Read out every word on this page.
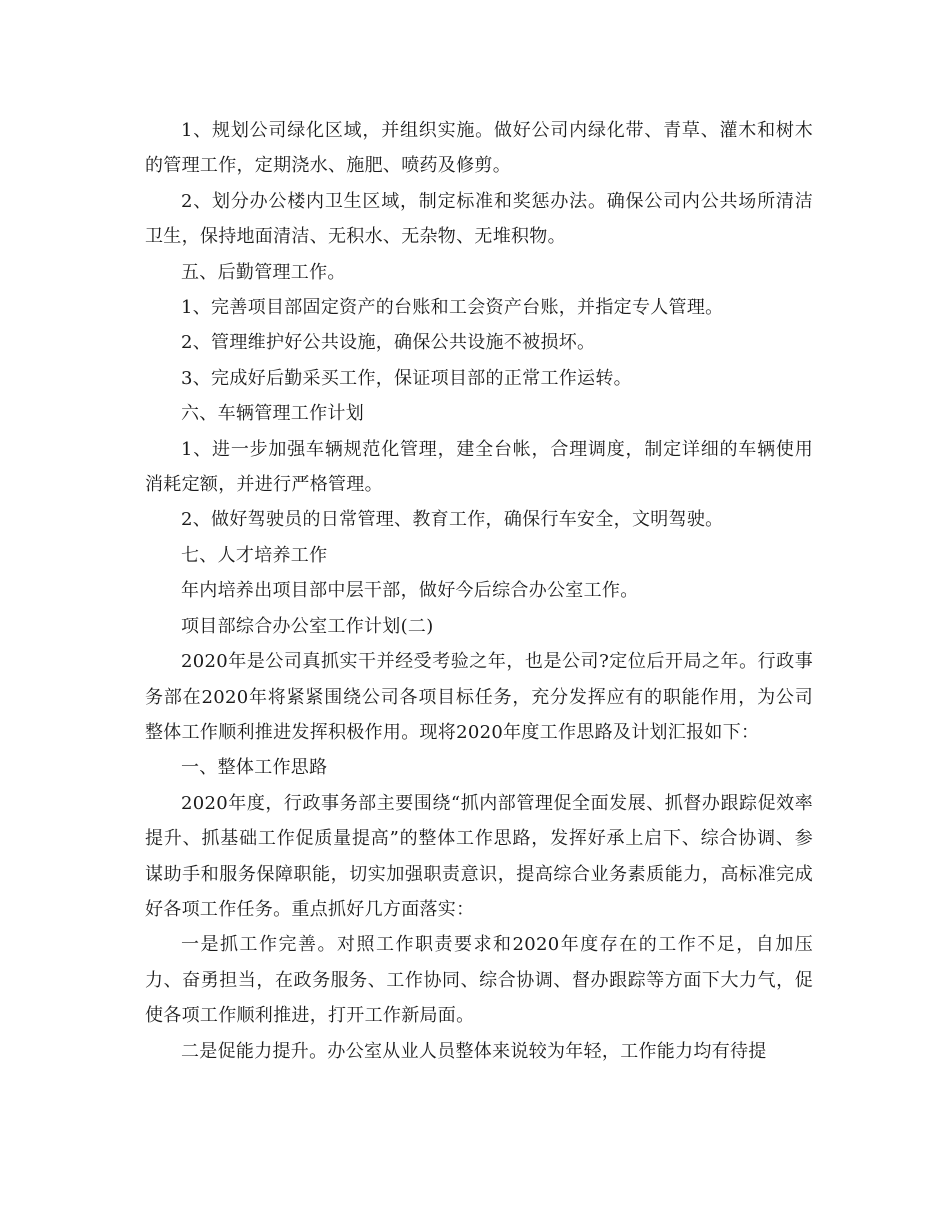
1、规划公司绿化区域，并组织实施。做好公司内绿化带、青草、灌木和树木的管理工作，定期浇水、施肥、喷药及修剪。

2、划分办公楼内卫生区域，制定标准和奖惩办法。确保公司内公共场所清洁卫生，保持地面清洁、无积水、无杂物、无堆积物。

五、后勤管理工作。

1、完善项目部固定资产的台账和工会资产台账，并指定专人管理。

2、管理维护好公共设施，确保公共设施不被损坏。

3、完成好后勤采买工作，保证项目部的正常工作运转。

六、车辆管理工作计划

1、进一步加强车辆规范化管理，建全台帐，合理调度，制定详细的车辆使用消耗定额，并进行严格管理。

2、做好驾驶员的日常管理、教育工作，确保行车安全，文明驾驶。

七、人才培养工作

年内培养出项目部中层干部，做好今后综合办公室工作。

项目部综合办公室工作计划(二)

2020年是公司真抓实干并经受考验之年，也是公司?定位后开局之年。行政事务部在2020年将紧紧围绕公司各项目标任务，充分发挥应有的职能作用，为公司整体工作顺利推进发挥积极作用。现将2020年度工作思路及计划汇报如下：

一、整体工作思路

2020年度，行政事务部主要围绕“抓内部管理促全面发展、抓督办跟踪促效率提升、抓基础工作促质量提高”的整体工作思路，发挥好承上启下、综合协调、参谋助手和服务保障职能，切实加强职责意识，提高综合业务素质能力，高标准完成好各项工作任务。重点抓好几方面落实：

一是抓工作完善。对照工作职责要求和2020年度存在的工作不足，自加压力、奋勇担当，在政务服务、工作协同、综合协调、督办跟踪等方面下大力气，促使各项工作顺利推进，打开工作新局面。

二是促能力提升。办公室从业人员整体来说较为年轻，工作能力均有待提
